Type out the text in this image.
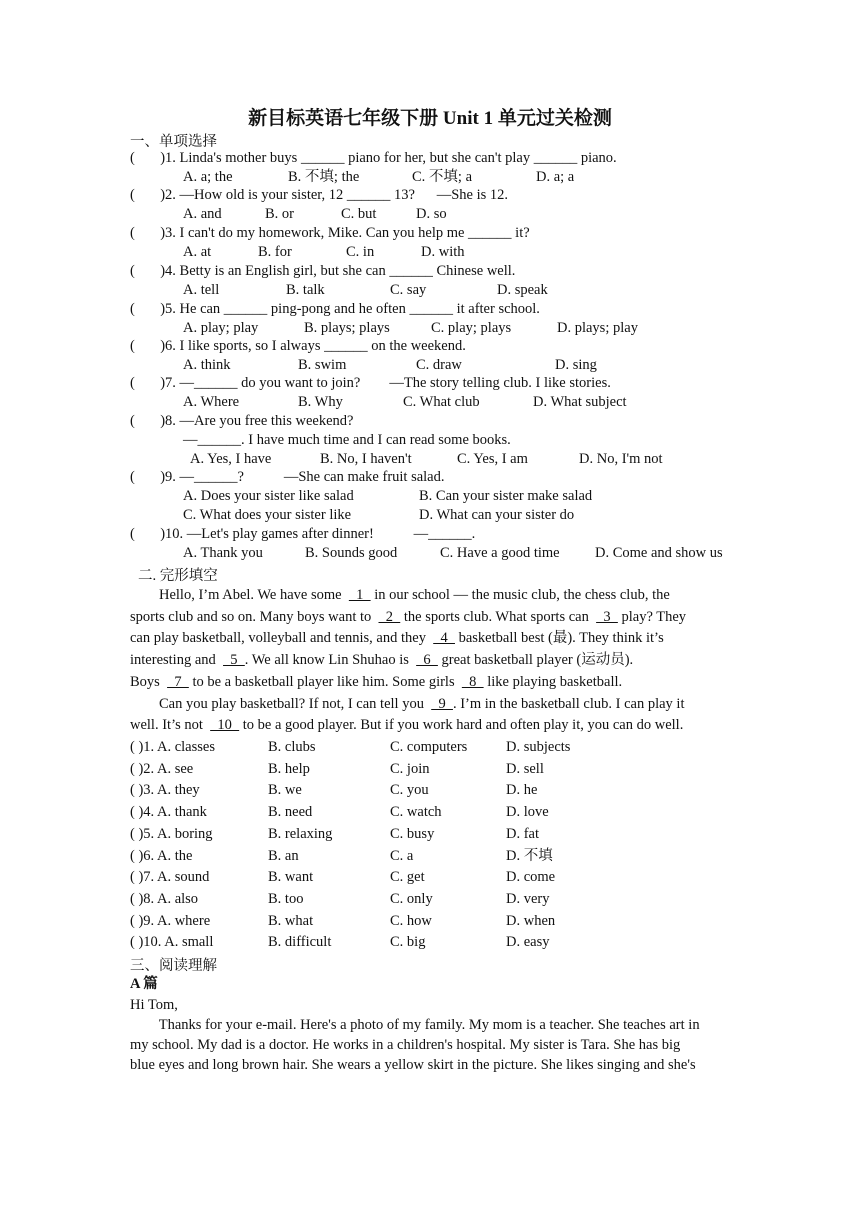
新目标英语七年级下册 Unit 1 单元过关检测
一、单项选择
(       )1. Linda's mother buys ______ piano for her, but she can't play ______ piano.
A. a; the	B. 不填; the	C. 不填; a	D. a; a
(       )2. —How old is your sister, 12 ______ 13?      —She is 12.
A. and	B. or	C. but	D. so
(       )3. I can't do my homework, Mike. Can you help me ______ it?
A. at	B. for	C. in	D. with
(       )4. Betty is an English girl, but she can ______ Chinese well.
A. tell	B. talk	C. say	D. speak
(       )5. He can ______ ping-pong and he often ______ it after school.
A. play; play	B. plays; plays	C. play; plays	D. plays; play
(       )6. I like sports, so I always ______ on the weekend.
A. think	B. swim	C. draw	D. sing
(       )7. —______ do you want to join?        —The story telling club. I like stories.
A. Where	B. Why	C. What club	D. What subject
(       )8. —Are you free this weekend?
—______. I have much time and I can read some books.
A. Yes, I have	B. No, I haven't	C. Yes, I am	D. No, I'm not
(       )9. —______?           —She can make fruit salad.
A. Does your sister like salad	B. Can your sister make salad
C. What does your sister like	D. What can your sister do
(       )10. —Let's play games after dinner!           —______.
A. Thank you	B. Sounds good	C. Have a good time D. Come and show us
二. 完形填空
Hello, I’m Abel. We have some    1   in our school — the music club, the chess club, the
sports club and so on. Many boys want to    2   the sports club. What sports can    3   play? They
can play basketball, volleyball and tennis, and they    4   basketball best (最). They think it’s
interesting and    5  . We all know Lin Shuhao is    6   great basketball player (运动员).
Boys    7   to be a basketball player like him. Some girls    8   like playing basketball.
Can you play basketball? If not, I can tell you    9  . I’m in the basketball club. I can play it
well. It’s not    10   to be a good player. But if you work hard and often play it, you can do well.
( )1. A. classes	B. clubs	C. computers	D. subjects
( )2. A. see	B. help	C. join	D. sell
( )3. A. they	B. we	C. you	D. he
( )4. A. thank	B. need	C. watch	D. love
( )5. A. boring	B. relaxing	C. busy	D. fat
( )6. A. the	B. an	C. a	D. 不填
( )7. A. sound	B. want	C. get	D. come
( )8. A. also	B. too	C. only	D. very
( )9. A. where	B. what	C. how	D. when
( )10. A. small	B. difficult	C. big	D. easy
三、阅读理解
A 篇
Hi Tom,
Thanks for your e-mail. Here's a photo of my family. My mom is a teacher. She teaches art in
my school. My dad is a doctor. He works in a children's hospital. My sister is Tara. She has big
blue eyes and long brown hair. She wears a yellow skirt in the picture. She likes singing and she's
